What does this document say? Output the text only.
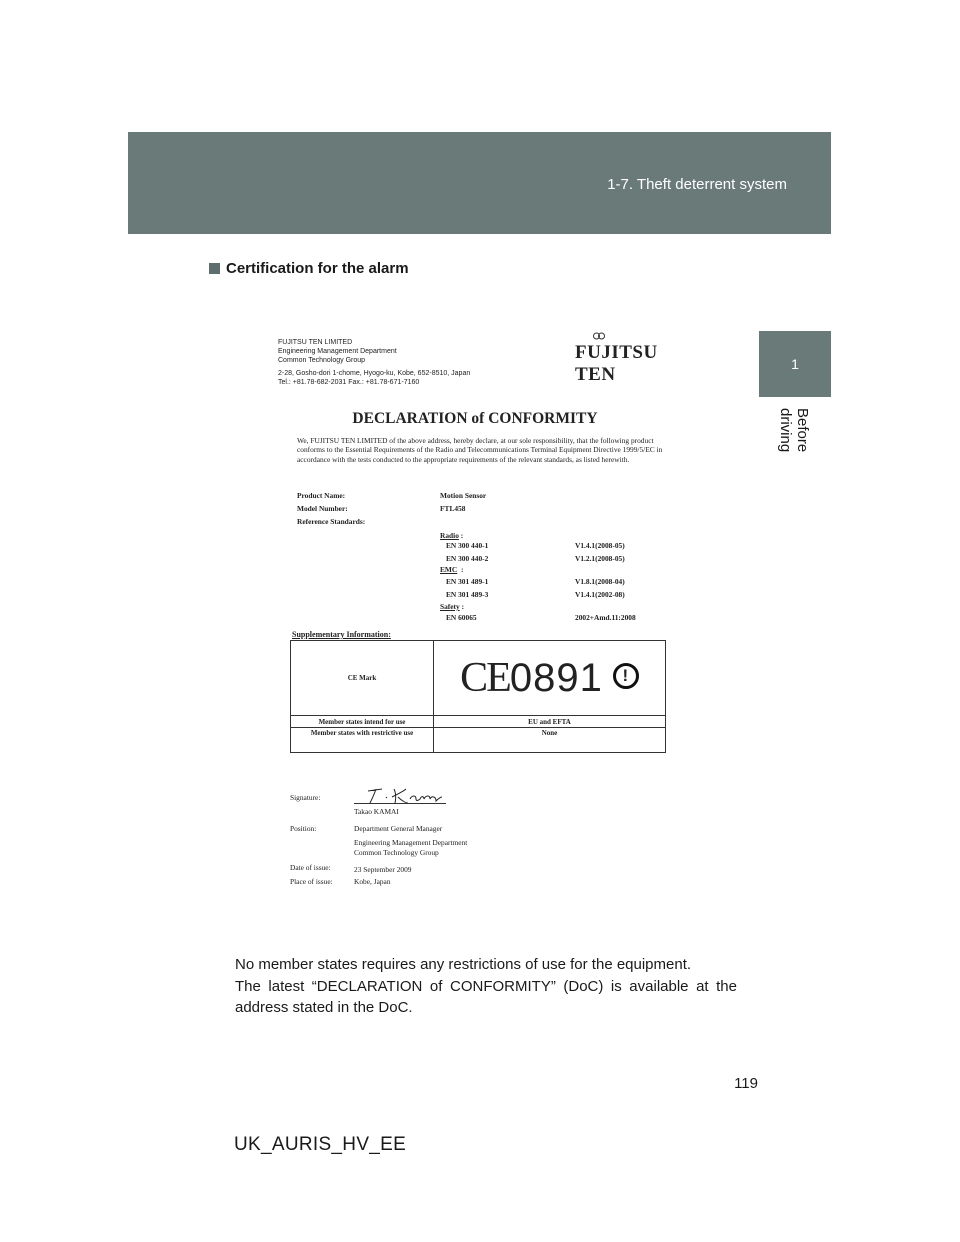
1-7. Theft deterrent system
1
Before driving
Certification for the alarm
FUJITSU TEN LIMITED
Engineering Management Department
Common Technology Group
2-28, Gosho-dori 1-chome, Hyogo-ku, Kobe, 652-8510, Japan
Tel.: +81.78-682-2031 Fax.: +81.78-671-7160
FUJITSU TEN
DECLARATION of CONFORMITY
We, FUJITSU TEN LIMITED of the above address, hereby declare, at our sole responsibility, that the following product conforms to the Essential Requirements of the Radio and Telecommunications Terminal Equipment Directive 1999/5/EC in accordance with the tests conducted to the appropriate requirements of the relevant standards, as listed herewith.
Product Name:	Motion Sensor
Model Number:	FTL458
Reference Standards:
Radio :
EN 300 440-1	V1.4.1(2008-05)
EN 300 440-2	V1.2.1(2008-05)
EMC  :
EN 301 489-1	V1.8.1(2008-04)
EN 301 489-3	V1.4.1(2002-08)
Safety :
EN 60065	2002+Amd.11:2008
Supplementary Information:
CE Mark	CE0891 !
Member states intend for use	EU and EFTA
Member states with restrictive use	None
Signature:
Takao KAMAI
Position:	Department General Manager
Engineering Management Department
Common Technology Group
Date of issue:	23 September 2009
Place of issue:	Kobe, Japan
No member states requires any restrictions of use for the equipment.
The latest “DECLARATION of CONFORMITY” (DoC) is available at the address stated in the DoC.
119
UK_AURIS_HV_EE
